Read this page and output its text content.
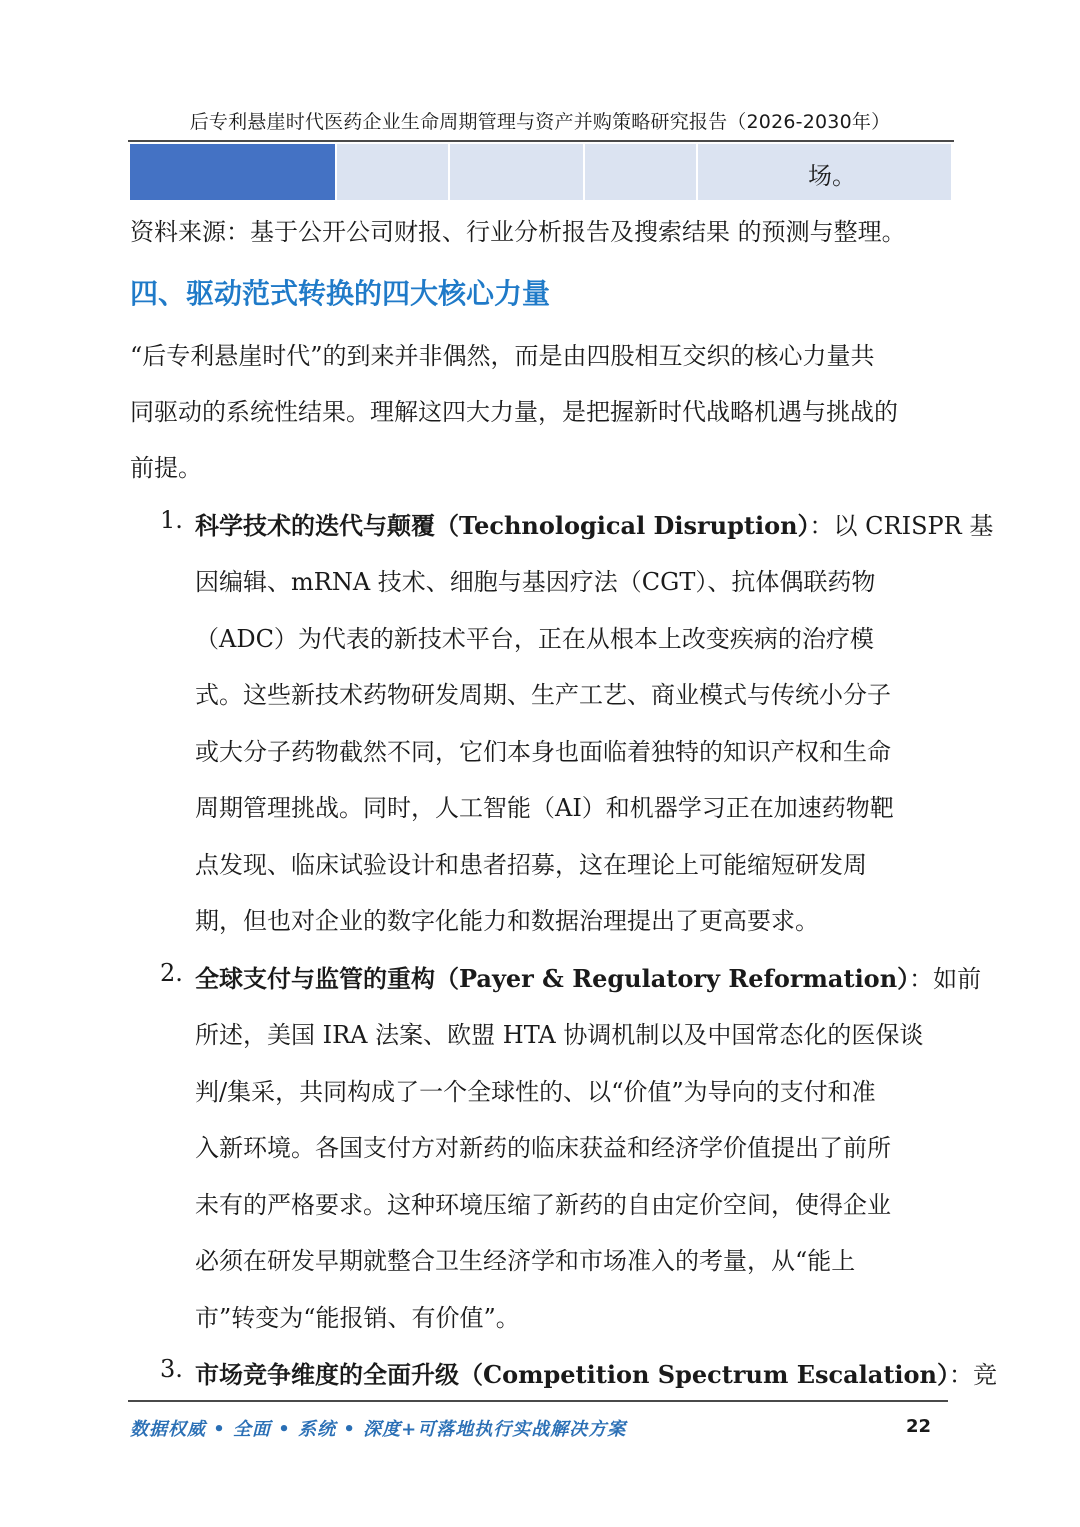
后专利悬崖时代医药企业生命周期管理与资产并购策略研究报告（2026-2030年）
场。
资料来源：基于公开公司财报、行业分析报告及搜索结果 的预测与整理。
四、驱动范式转换的四大核心力量
“后专利悬崖时代”的到来并非偶然，而是由四股相互交织的核心力量共
同驱动的系统性结果。理解这四大力量，是把握新时代战略机遇与挑战的
前提。
1. 科学技术的迭代与颠覆（Technological Disruption）：以 CRISPR 基
因编辑、mRNA 技术、细胞与基因疗法（CGT）、抗体偶联药物
（ADC）为代表的新技术平台，正在从根本上改变疾病的治疗模
式。这些新技术药物研发周期、生产工艺、商业模式与传统小分子
或大分子药物截然不同，它们本身也面临着独特的知识产权和生命
周期管理挑战。同时，人工智能（AI）和机器学习正在加速药物靶
点发现、临床试验设计和患者招募，这在理论上可能缩短研发周
期，但也对企业的数字化能力和数据治理提出了更高要求。
2. 全球支付与监管的重构（Payer & Regulatory Reformation）：如前
所述，美国 IRA 法案、欧盟 HTA 协调机制以及中国常态化的医保谈
判/集采，共同构成了一个全球性的、以“价值”为导向的支付和准
入新环境。各国支付方对新药的临床获益和经济学价值提出了前所
未有的严格要求。这种环境压缩了新药的自由定价空间，使得企业
必须在研发早期就整合卫生经济学和市场准入的考量，从“能上
市”转变为“能报销、有价值”。
3. 市场竞争维度的全面升级（Competition Spectrum Escalation）：竞
数据权威 • 全面 • 系统 • 深度+可落地执行实战解决方案	22
